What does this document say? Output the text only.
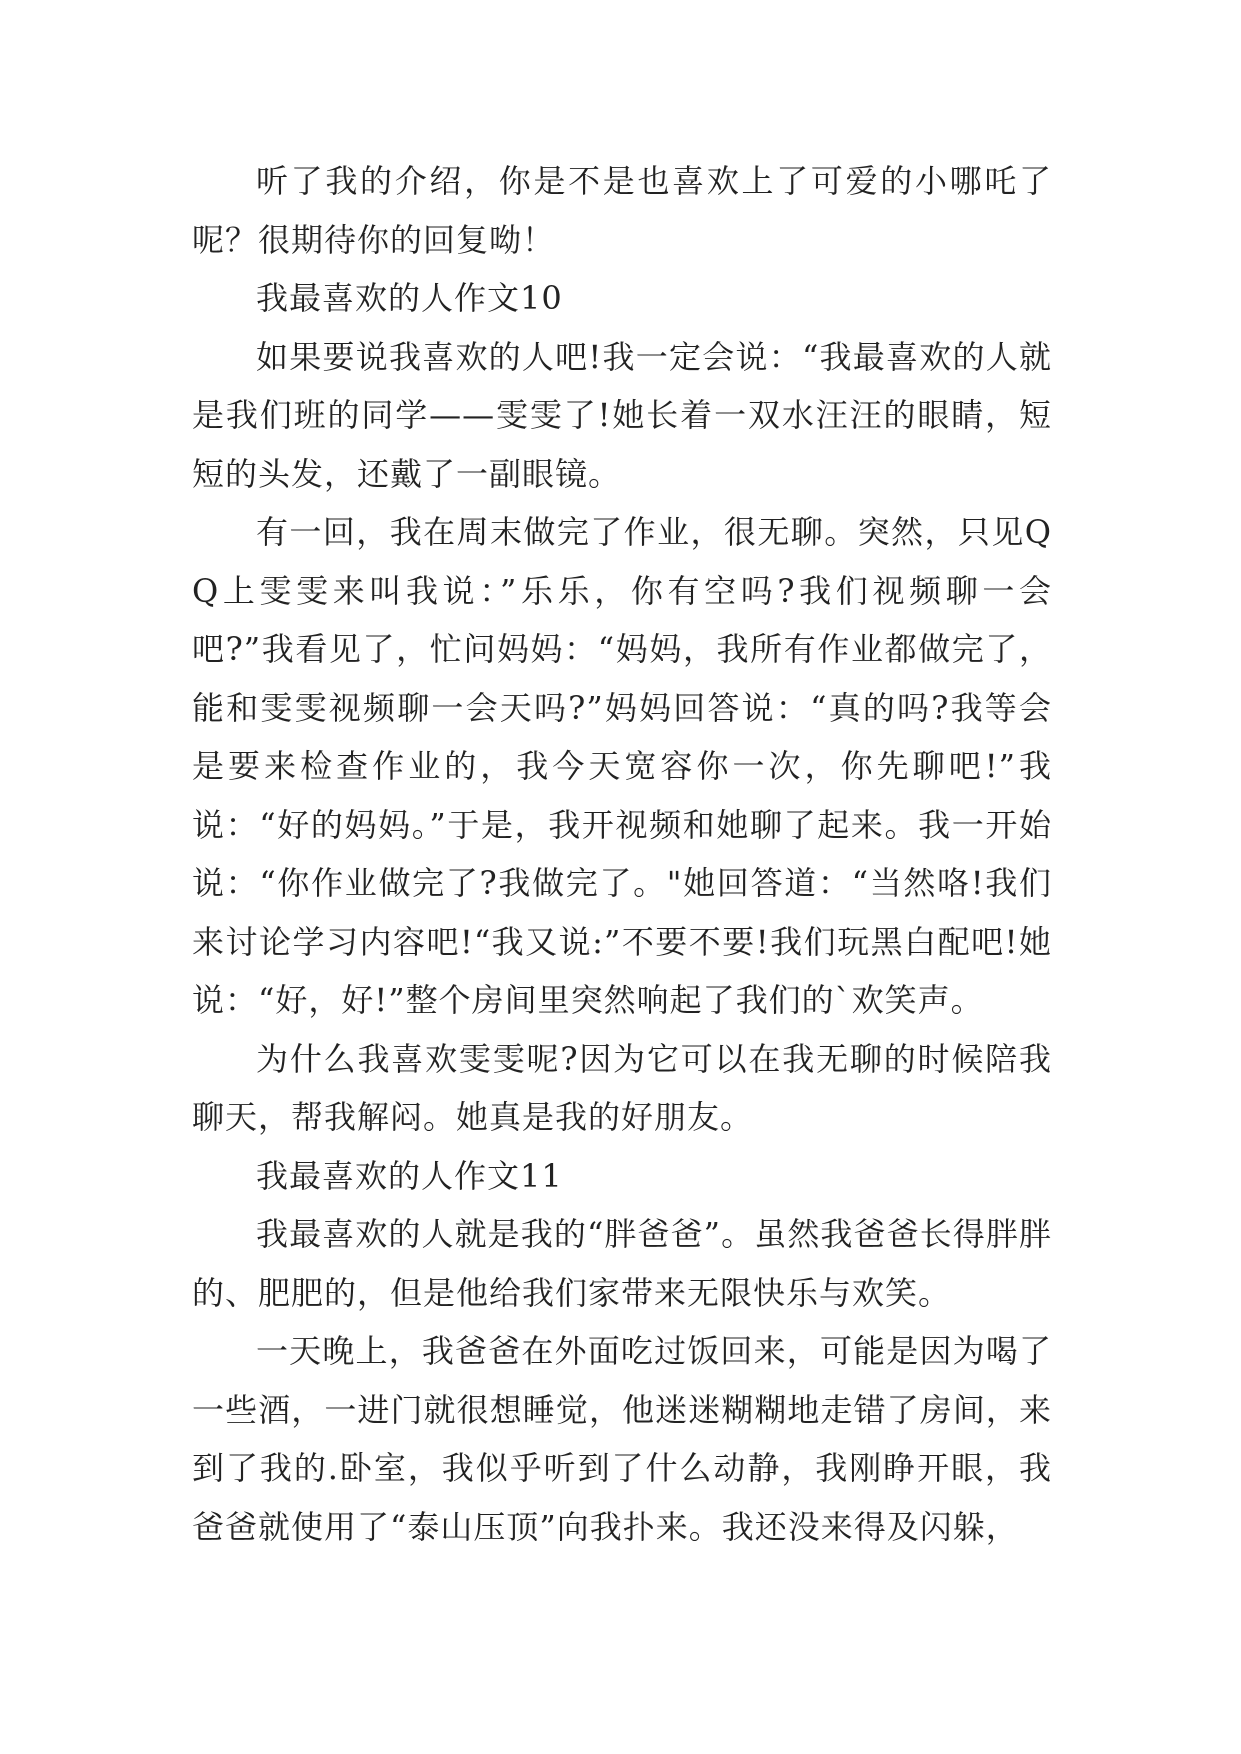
听了我的介绍，你是不是也喜欢上了可爱的小哪吒了呢？很期待你的回复呦！

我最喜欢的人作文10

如果要说我喜欢的人吧!我一定会说：“我最喜欢的人就是我们班的同学——雯雯了!她长着一双水汪汪的眼睛，短短的头发，还戴了一副眼镜。

有一回，我在周末做完了作业，很无聊。突然，只见QQ上雯雯来叫我说：”乐乐，你有空吗?我们视频聊一会吧?”我看见了，忙问妈妈：“妈妈，我所有作业都做完了，能和雯雯视频聊一会天吗?”妈妈回答说：“真的吗?我等会是要来检查作业的，我今天宽容你一次，你先聊吧!”我说：“好的妈妈。”于是，我开视频和她聊了起来。我一开始说：“你作业做完了?我做完了。"她回答道：“当然咯!我们来讨论学习内容吧!“我又说:”不要不要!我们玩黑白配吧!她说：“好，好!”整个房间里突然响起了我们的`欢笑声。

为什么我喜欢雯雯呢?因为它可以在我无聊的时候陪我聊天，帮我解闷。她真是我的好朋友。

我最喜欢的人作文11

我最喜欢的人就是我的“胖爸爸”。虽然我爸爸长得胖胖的、肥肥的，但是他给我们家带来无限快乐与欢笑。

一天晚上，我爸爸在外面吃过饭回来，可能是因为喝了一些酒，一进门就很想睡觉，他迷迷糊糊地走错了房间，来到了我的.卧室，我似乎听到了什么动静，我刚睁开眼，我爸爸就使用了“泰山压顶”向我扑来。我还没来得及闪躲，
